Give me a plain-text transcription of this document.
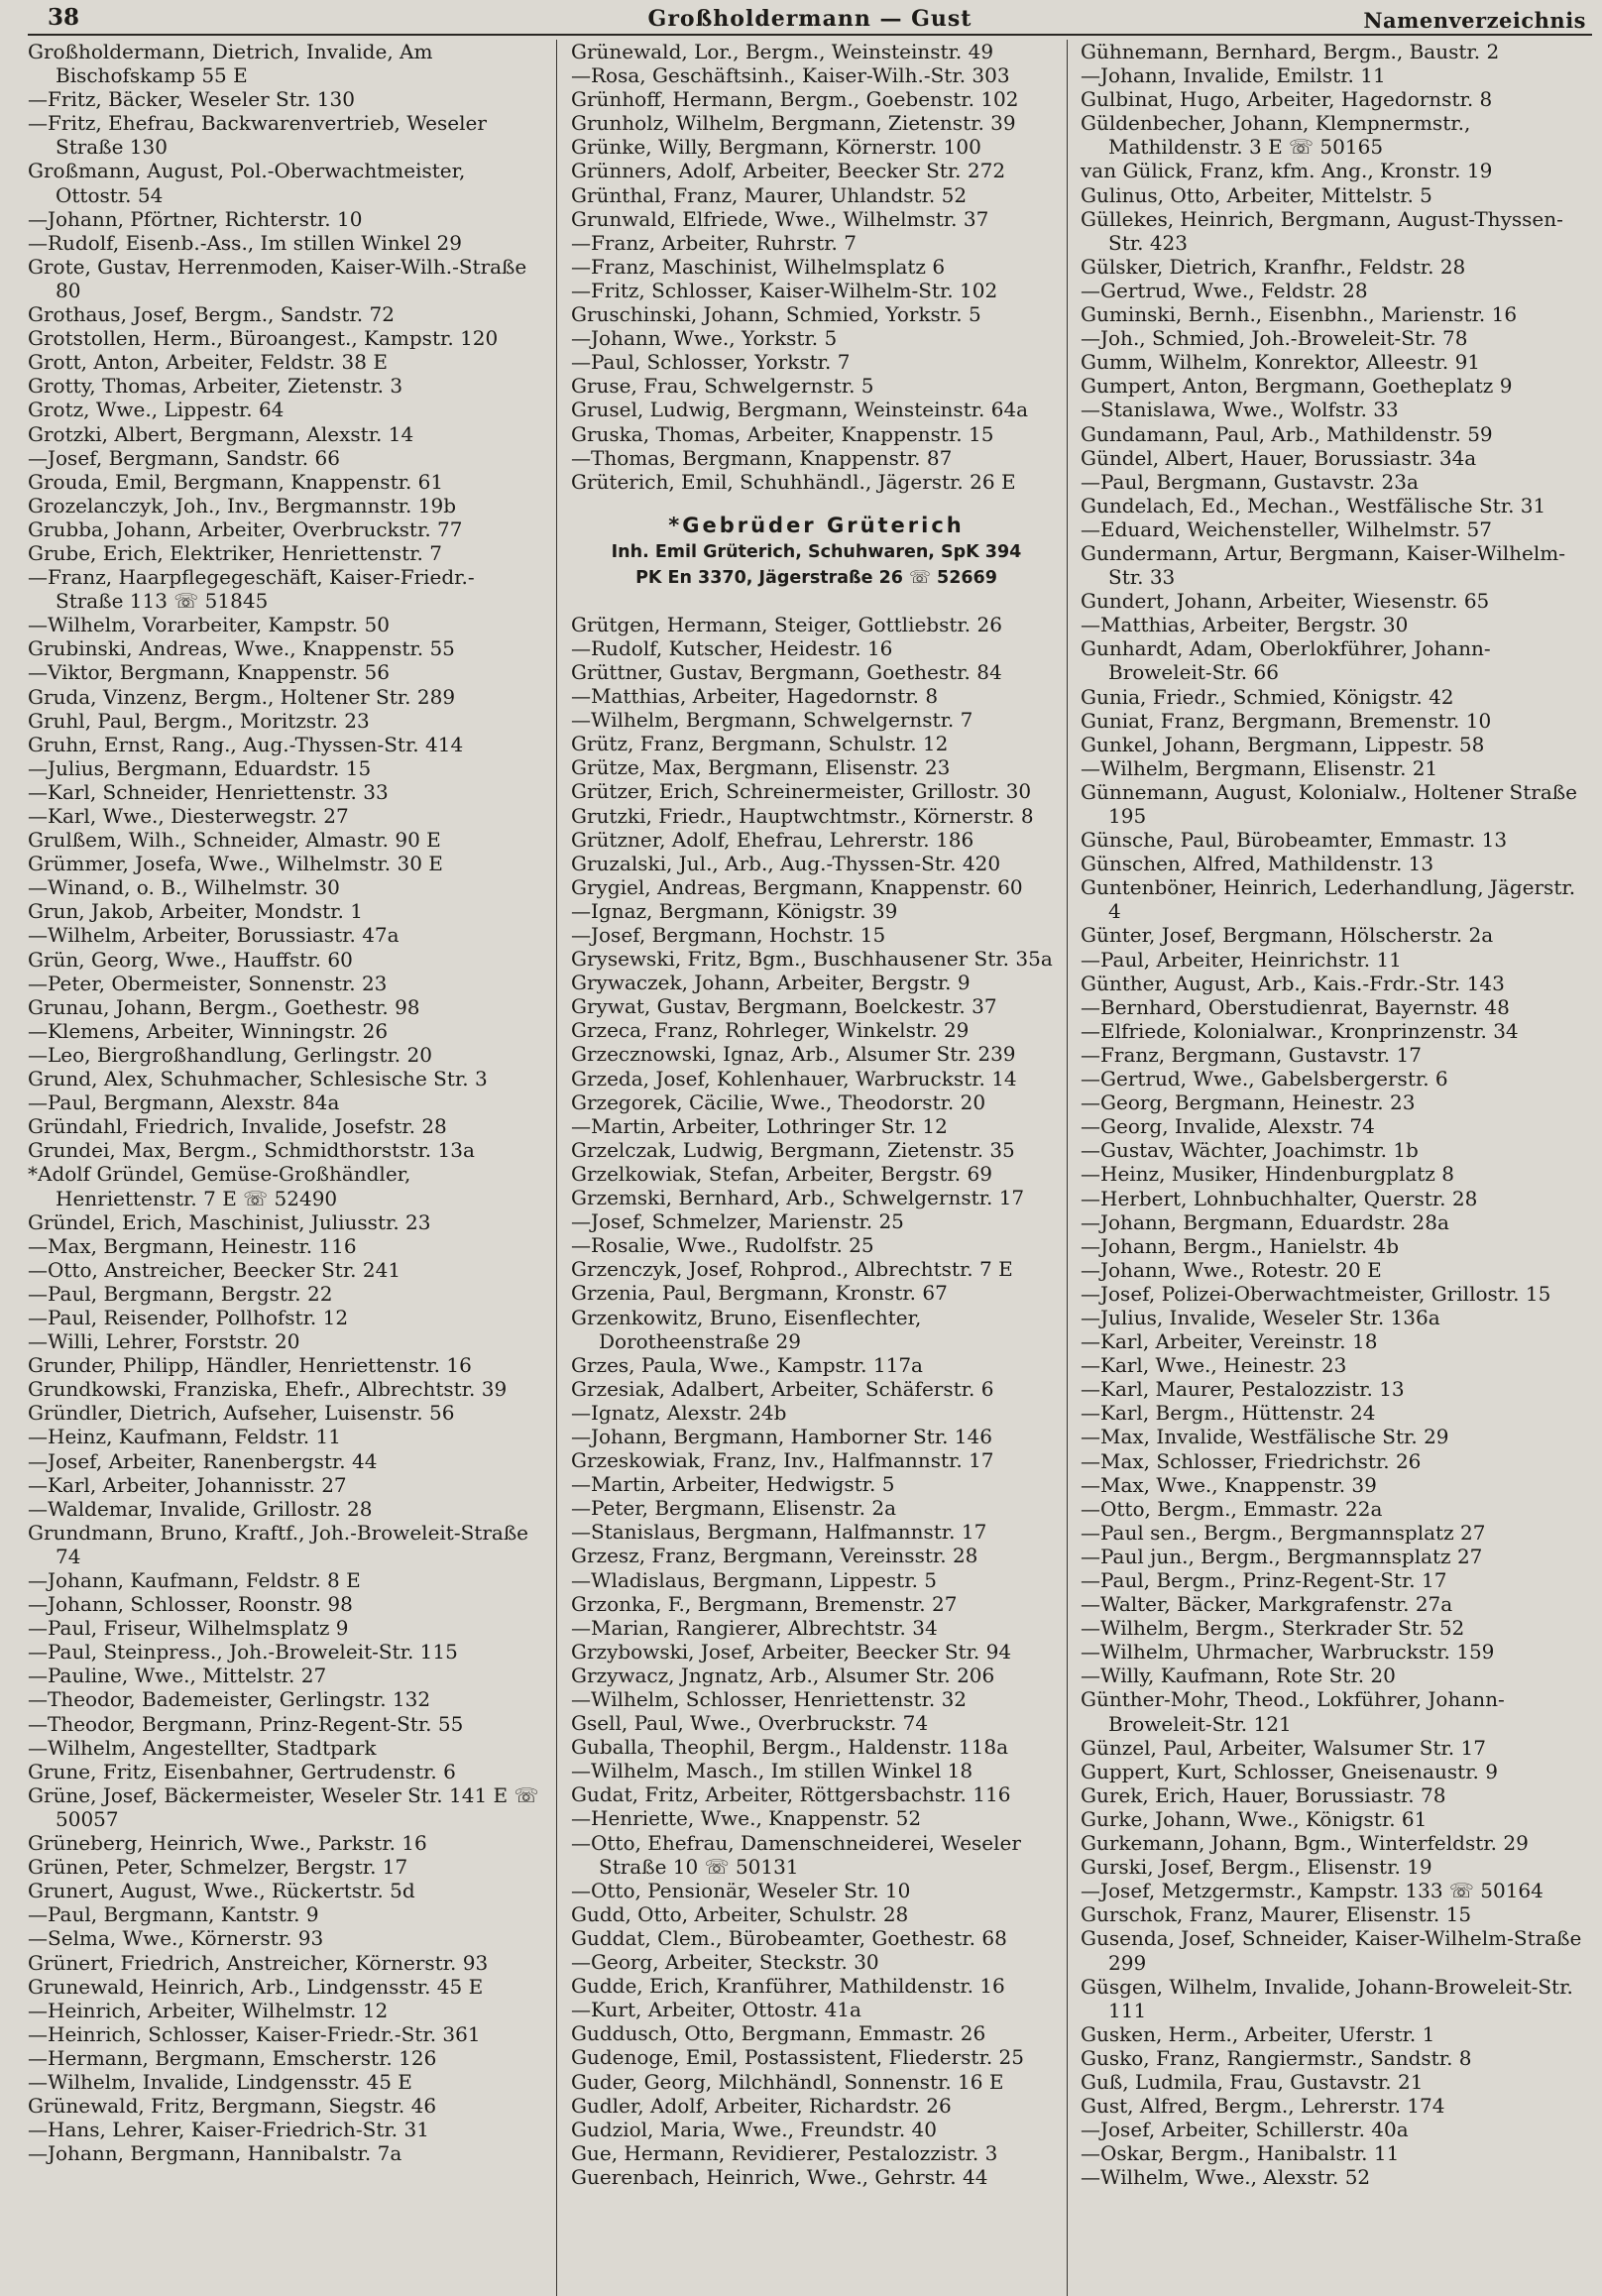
38	Großholdermann — Gust	Namenverzeichnis
Großholdermann, Dietrich, Invalide, Am Bischofskamp 55 E
—Fritz, Bäcker, Weseler Str. 130
—Fritz, Ehefrau, Backwarenvertrieb, Weseler Straße 130
Großmann, August, Pol.-Oberwachtmeister, Ottostr. 54
—Johann, Pförtner, Richterstr. 10
—Rudolf, Eisenb.-Ass., Im stillen Winkel 29
Grote, Gustav, Herrenmoden, Kaiser-Wilh.-Straße 80
Grothaus, Josef, Bergm., Sandstr. 72
Grotstollen, Herm., Büroangest., Kampstr. 120
Grott, Anton, Arbeiter, Feldstr. 38 E
Grotty, Thomas, Arbeiter, Zietenstr. 3
Grotz, Wwe., Lippestr. 64
Grotzki, Albert, Bergmann, Alexstr. 14
—Josef, Bergmann, Sandstr. 66
Grouda, Emil, Bergmann, Knappenstr. 61
Grozelanczyk, Joh., Inv., Bergmannstr. 19b
Grubba, Johann, Arbeiter, Overbruckstr. 77
Grube, Erich, Elektriker, Henriettenstr. 7
—Franz, Haarpflegegeschäft, Kaiser-Friedr.-Straße 113 ☏ 51845
—Wilhelm, Vorarbeiter, Kampstr. 50
Grubinski, Andreas, Wwe., Knappenstr. 55
—Viktor, Bergmann, Knappenstr. 56
Gruda, Vinzenz, Bergm., Holtener Str. 289
Gruhl, Paul, Bergm., Moritzstr. 23
Gruhn, Ernst, Rang., Aug.-Thyssen-Str. 414
—Julius, Bergmann, Eduardstr. 15
—Karl, Schneider, Henriettenstr. 33
—Karl, Wwe., Diesterwegstr. 27
Grulßem, Wilh., Schneider, Almastr. 90 E
Grümmer, Josefa, Wwe., Wilhelmstr. 30 E
—Winand, o. B., Wilhelmstr. 30
Grun, Jakob, Arbeiter, Mondstr. 1
—Wilhelm, Arbeiter, Borussiastr. 47a
Grün, Georg, Wwe., Hauffstr. 60
—Peter, Obermeister, Sonnenstr. 23
Grunau, Johann, Bergm., Goethestr. 98
—Klemens, Arbeiter, Winningstr. 26
—Leo, Biergroßhandlung, Gerlingstr. 20
Grund, Alex, Schuhmacher, Schlesische Str. 3
—Paul, Bergmann, Alexstr. 84a
Gründahl, Friedrich, Invalide, Josefstr. 28
Grundei, Max, Bergm., Schmidthorststr. 13a
*Adolf Gründel, Gemüse-Großhändler, Henriettenstr. 7 E ☏ 52490
Gründel, Erich, Maschinist, Juliusstr. 23
—Max, Bergmann, Heinestr. 116
—Otto, Anstreicher, Beecker Str. 241
—Paul, Bergmann, Bergstr. 22
—Paul, Reisender, Pollhofstr. 12
—Willi, Lehrer, Forststr. 20
Grunder, Philipp, Händler, Henriettenstr. 16
Grundkowski, Franziska, Ehefr., Albrechtstr. 39
Gründler, Dietrich, Aufseher, Luisenstr. 56
—Heinz, Kaufmann, Feldstr. 11
—Josef, Arbeiter, Ranenbergstr. 44
—Karl, Arbeiter, Johannisstr. 27
—Waldemar, Invalide, Grillostr. 28
Grundmann, Bruno, Kraftf., Joh.-Broweleit-Straße 74
—Johann, Kaufmann, Feldstr. 8 E
—Johann, Schlosser, Roonstr. 98
—Paul, Friseur, Wilhelmsplatz 9
—Paul, Steinpress., Joh.-Broweleit-Str. 115
—Pauline, Wwe., Mittelstr. 27
—Theodor, Bademeister, Gerlingstr. 132
—Theodor, Bergmann, Prinz-Regent-Str. 55
—Wilhelm, Angestellter, Stadtpark
Grune, Fritz, Eisenbahner, Gertrudenstr. 6
Grüne, Josef, Bäckermeister, Weseler Str. 141 E ☏ 50057
Grüneberg, Heinrich, Wwe., Parkstr. 16
Grünen, Peter, Schmelzer, Bergstr. 17
Grunert, August, Wwe., Rückertstr. 5d
—Paul, Bergmann, Kantstr. 9
—Selma, Wwe., Körnerstr. 93
Grünert, Friedrich, Anstreicher, Körnerstr. 93
Grunewald, Heinrich, Arb., Lindgensstr. 45 E
—Heinrich, Arbeiter, Wilhelmstr. 12
—Heinrich, Schlosser, Kaiser-Friedr.-Str. 361
—Hermann, Bergmann, Emscherstr. 126
—Wilhelm, Invalide, Lindgensstr. 45 E
Grünewald, Fritz, Bergmann, Siegstr. 46
—Hans, Lehrer, Kaiser-Friedrich-Str. 31
—Johann, Bergmann, Hannibalstr. 7a
Grünewald, Lor., Bergm., Weinsteinstr. 49
—Rosa, Geschäftsinh., Kaiser-Wilh.-Str. 303
Grünhoff, Hermann, Bergm., Goebenstr. 102
Grunholz, Wilhelm, Bergmann, Zietenstr. 39
Grünke, Willy, Bergmann, Körnerstr. 100
Grünners, Adolf, Arbeiter, Beecker Str. 272
Grünthal, Franz, Maurer, Uhlandstr. 52
Grunwald, Elfriede, Wwe., Wilhelmstr. 37
—Franz, Arbeiter, Ruhrstr. 7
—Franz, Maschinist, Wilhelmsplatz 6
—Fritz, Schlosser, Kaiser-Wilhelm-Str. 102
Gruschinski, Johann, Schmied, Yorkstr. 5
—Johann, Wwe., Yorkstr. 5
—Paul, Schlosser, Yorkstr. 7
Gruse, Frau, Schwelgernstr. 5
Grusel, Ludwig, Bergmann, Weinsteinstr. 64a
Gruska, Thomas, Arbeiter, Knappenstr. 15
—Thomas, Bergmann, Knappenstr. 87
Grüterich, Emil, Schuhhändl., Jägerstr. 26 E
*Gebrüder Grüterich
Inh. Emil Grüterich, Schuhwaren, SpK 394
PK En 3370, Jägerstraße 26 ☏ 52669
Grütgen, Hermann, Steiger, Gottliebstr. 26
—Rudolf, Kutscher, Heidestr. 16
Grüttner, Gustav, Bergmann, Goethestr. 84
—Matthias, Arbeiter, Hagedornstr. 8
—Wilhelm, Bergmann, Schwelgernstr. 7
Grütz, Franz, Bergmann, Schulstr. 12
Grütze, Max, Bergmann, Elisenstr. 23
Grützer, Erich, Schreinermeister, Grillostr. 30
Grutzki, Friedr., Hauptwchtmstr., Körnerstr. 8
Grützner, Adolf, Ehefrau, Lehrerstr. 186
Gruzalski, Jul., Arb., Aug.-Thyssen-Str. 420
Grygiel, Andreas, Bergmann, Knappenstr. 60
—Ignaz, Bergmann, Königstr. 39
—Josef, Bergmann, Hochstr. 15
Grysewski, Fritz, Bgm., Buschhausener Str. 35a
Grywaczek, Johann, Arbeiter, Bergstr. 9
Grywat, Gustav, Bergmann, Boelckestr. 37
Grzeca, Franz, Rohrleger, Winkelstr. 29
Grzecznowski, Ignaz, Arb., Alsumer Str. 239
Grzeda, Josef, Kohlenhauer, Warbruckstr. 14
Grzegorek, Cäcilie, Wwe., Theodorstr. 20
—Martin, Arbeiter, Lothringer Str. 12
Grzelczak, Ludwig, Bergmann, Zietenstr. 35
Grzelkowiak, Stefan, Arbeiter, Bergstr. 69
Grzemski, Bernhard, Arb., Schwelgernstr. 17
—Josef, Schmelzer, Marienstr. 25
—Rosalie, Wwe., Rudolfstr. 25
Grzenczyk, Josef, Rohprod., Albrechtstr. 7 E
Grzenia, Paul, Bergmann, Kronstr. 67
Grzenkowitz, Bruno, Eisenflechter, Dorotheenstraße 29
Grzes, Paula, Wwe., Kampstr. 117a
Grzesiak, Adalbert, Arbeiter, Schäferstr. 6
—Ignatz, Alexstr. 24b
—Johann, Bergmann, Hamborner Str. 146
Grzeskowiak, Franz, Inv., Halfmannstr. 17
—Martin, Arbeiter, Hedwigstr. 5
—Peter, Bergmann, Elisenstr. 2a
—Stanislaus, Bergmann, Halfmannstr. 17
Grzesz, Franz, Bergmann, Vereinsstr. 28
—Wladislaus, Bergmann, Lippestr. 5
Grzonka, F., Bergmann, Bremenstr. 27
—Marian, Rangierer, Albrechtstr. 34
Grzybowski, Josef, Arbeiter, Beecker Str. 94
Grzywacz, Jngnatz, Arb., Alsumer Str. 206
—Wilhelm, Schlosser, Henriettenstr. 32
Gsell, Paul, Wwe., Overbruckstr. 74
Guballa, Theophil, Bergm., Haldenstr. 118a
—Wilhelm, Masch., Im stillen Winkel 18
Gudat, Fritz, Arbeiter, Röttgersbachstr. 116
—Henriette, Wwe., Knappenstr. 52
—Otto, Ehefrau, Damenschneiderei, Weseler Straße 10 ☏ 50131
—Otto, Pensionär, Weseler Str. 10
Gudd, Otto, Arbeiter, Schulstr. 28
Guddat, Clem., Bürobeamter, Goethestr. 68
—Georg, Arbeiter, Steckstr. 30
Gudde, Erich, Kranführer, Mathildenstr. 16
—Kurt, Arbeiter, Ottostr. 41a
Guddusch, Otto, Bergmann, Emmastr. 26
Gudenoge, Emil, Postassistent, Fliederstr. 25
Guder, Georg, Milchhändl, Sonnenstr. 16 E
Gudler, Adolf, Arbeiter, Richardstr. 26
Gudziol, Maria, Wwe., Freundstr. 40
Gue, Hermann, Revidierer, Pestalozzistr. 3
Guerenbach, Heinrich, Wwe., Gehrstr. 44
Gühnemann, Bernhard, Bergm., Baustr. 2
—Johann, Invalide, Emilstr. 11
Gulbinat, Hugo, Arbeiter, Hagedornstr. 8
Güldenbecher, Johann, Klempnermstr., Mathildenstr. 3 E ☏ 50165
van Gülick, Franz, kfm. Ang., Kronstr. 19
Gulinus, Otto, Arbeiter, Mittelstr. 5
Güllekes, Heinrich, Bergmann, August-Thyssen-Str. 423
Gülsker, Dietrich, Kranfhr., Feldstr. 28
—Gertrud, Wwe., Feldstr. 28
Guminski, Bernh., Eisenbhn., Marienstr. 16
—Joh., Schmied, Joh.-Broweleit-Str. 78
Gumm, Wilhelm, Konrektor, Alleestr. 91
Gumpert, Anton, Bergmann, Goetheplatz 9
—Stanislawa, Wwe., Wolfstr. 33
Gundamann, Paul, Arb., Mathildenstr. 59
Gündel, Albert, Hauer, Borussiastr. 34a
—Paul, Bergmann, Gustavstr. 23a
Gundelach, Ed., Mechan., Westfälische Str. 31
—Eduard, Weichensteller, Wilhelmstr. 57
Gundermann, Artur, Bergmann, Kaiser-Wilhelm-Str. 33
Gundert, Johann, Arbeiter, Wiesenstr. 65
—Matthias, Arbeiter, Bergstr. 30
Gunhardt, Adam, Oberlokführer, Johann-Broweleit-Str. 66
Gunia, Friedr., Schmied, Königstr. 42
Guniat, Franz, Bergmann, Bremenstr. 10
Gunkel, Johann, Bergmann, Lippestr. 58
—Wilhelm, Bergmann, Elisenstr. 21
Günnemann, August, Kolonialw., Holtener Straße 195
Günsche, Paul, Bürobeamter, Emmastr. 13
Günschen, Alfred, Mathildenstr. 13
Guntenböner, Heinrich, Lederhandlung, Jägerstr. 4
Günter, Josef, Bergmann, Hölscherstr. 2a
—Paul, Arbeiter, Heinrichstr. 11
Günther, August, Arb., Kais.-Frdr.-Str. 143
—Bernhard, Oberstudienrat, Bayernstr. 48
—Elfriede, Kolonialwar., Kronprinzenstr. 34
—Franz, Bergmann, Gustavstr. 17
—Gertrud, Wwe., Gabelsbergerstr. 6
—Georg, Bergmann, Heinestr. 23
—Georg, Invalide, Alexstr. 74
—Gustav, Wächter, Joachimstr. 1b
—Heinz, Musiker, Hindenburgplatz 8
—Herbert, Lohnbuchhalter, Querstr. 28
—Johann, Bergmann, Eduardstr. 28a
—Johann, Bergm., Hanielstr. 4b
—Johann, Wwe., Rotestr. 20 E
—Josef, Polizei-Oberwachtmeister, Grillostr. 15
—Julius, Invalide, Weseler Str. 136a
—Karl, Arbeiter, Vereinstr. 18
—Karl, Wwe., Heinestr. 23
—Karl, Maurer, Pestalozzistr. 13
—Karl, Bergm., Hüttenstr. 24
—Max, Invalide, Westfälische Str. 29
—Max, Schlosser, Friedrichstr. 26
—Max, Wwe., Knappenstr. 39
—Otto, Bergm., Emmastr. 22a
—Paul sen., Bergm., Bergmannsplatz 27
—Paul jun., Bergm., Bergmannsplatz 27
—Paul, Bergm., Prinz-Regent-Str. 17
—Walter, Bäcker, Markgrafenstr. 27a
—Wilhelm, Bergm., Sterkrader Str. 52
—Wilhelm, Uhrmacher, Warbruckstr. 159
—Willy, Kaufmann, Rote Str. 20
Günther-Mohr, Theod., Lokführer, Johann-Broweleit-Str. 121
Günzel, Paul, Arbeiter, Walsumer Str. 17
Guppert, Kurt, Schlosser, Gneisenaustr. 9
Gurek, Erich, Hauer, Borussiastr. 78
Gurke, Johann, Wwe., Königstr. 61
Gurkemann, Johann, Bgm., Winterfeldstr. 29
Gurski, Josef, Bergm., Elisenstr. 19
—Josef, Metzgermstr., Kampstr. 133 ☏ 50164
Gurschok, Franz, Maurer, Elisenstr. 15
Gusenda, Josef, Schneider, Kaiser-Wilhelm-Straße 299
Güsgen, Wilhelm, Invalide, Johann-Broweleit-Str. 111
Gusken, Herm., Arbeiter, Uferstr. 1
Gusko, Franz, Rangiermstr., Sandstr. 8
Guß, Ludmila, Frau, Gustavstr. 21
Gust, Alfred, Bergm., Lehrerstr. 174
—Josef, Arbeiter, Schillerstr. 40a
—Oskar, Bergm., Hanibalstr. 11
—Wilhelm, Wwe., Alexstr. 52
